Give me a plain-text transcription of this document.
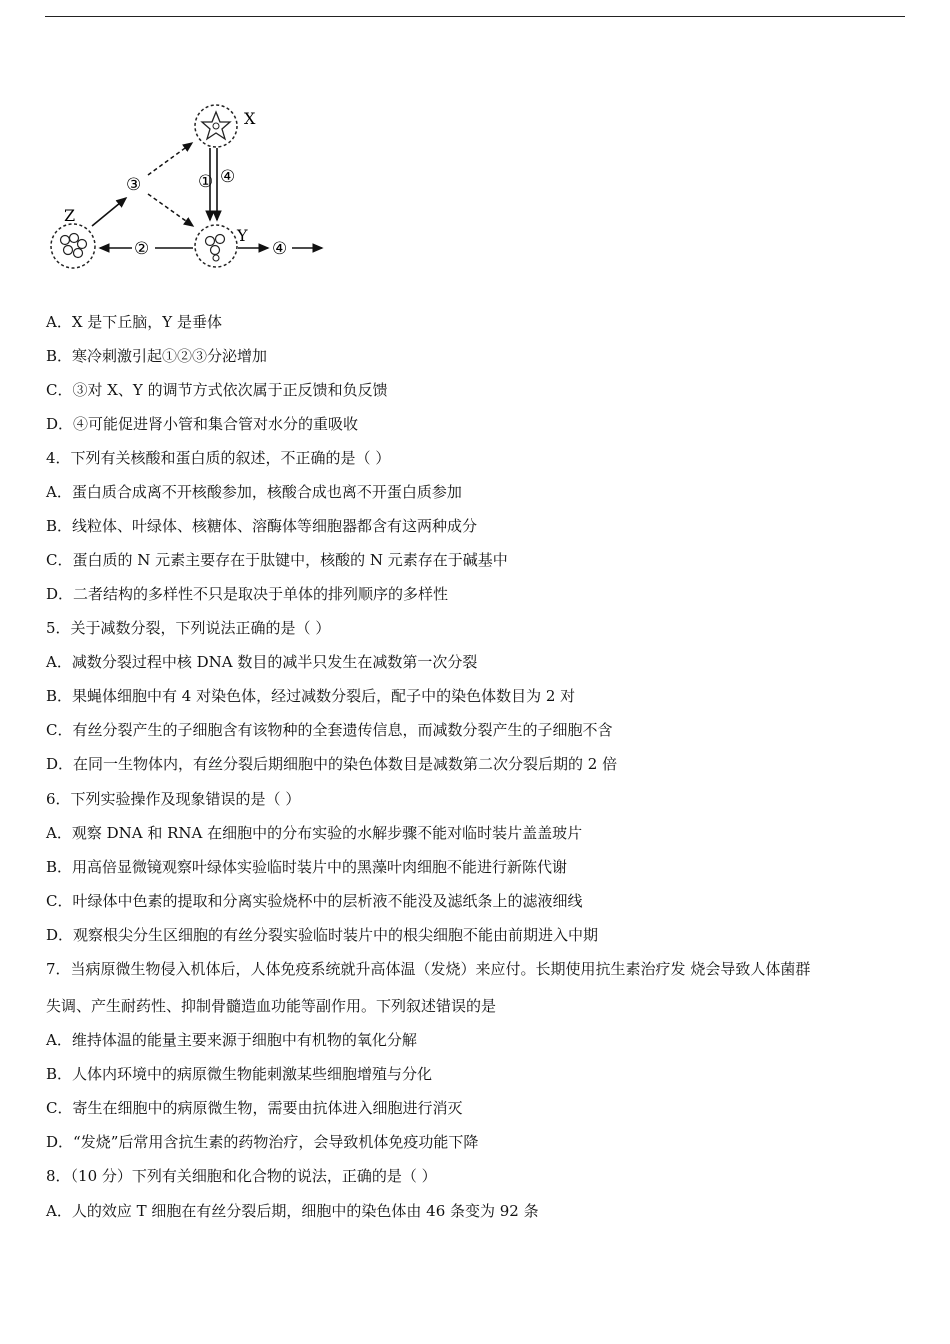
X
Z
Y
③	① ④
②	④
A．X 是下丘脑，Y 是垂体
B．寒冷刺激引起①②③分泌增加
C．③对 X、Y 的调节方式依次属于正反馈和负反馈
D．④可能促进肾小管和集合管对水分的重吸收
4．下列有关核酸和蛋白质的叙述，不正确的是（ ）
A．蛋白质合成离不开核酸参加，核酸合成也离不开蛋白质参加
B．线粒体、叶绿体、核糖体、溶酶体等细胞器都含有这两种成分
C．蛋白质的 N 元素主要存在于肽键中，核酸的 N 元素存在于碱基中
D．二者结构的多样性不只是取决于单体的排列顺序的多样性
5．关于减数分裂，下列说法正确的是（ ）
A．减数分裂过程中核 DNA 数目的减半只发生在减数第一次分裂
B．果蝇体细胞中有 4 对染色体，经过减数分裂后，配子中的染色体数目为 2 对
C．有丝分裂产生的子细胞含有该物种的全套遗传信息，而减数分裂产生的子细胞不含
D．在同一生物体内，有丝分裂后期细胞中的染色体数目是减数第二次分裂后期的 2 倍
6．下列实验操作及现象错误的是（ ）
A．观察 DNA 和 RNA 在细胞中的分布实验的水解步骤不能对临时装片盖盖玻片
B．用高倍显微镜观察叶绿体实验临时装片中的黑藻叶肉细胞不能进行新陈代谢
C．叶绿体中色素的提取和分离实验烧杯中的层析液不能没及滤纸条上的滤液细线
D．观察根尖分生区细胞的有丝分裂实验临时装片中的根尖细胞不能由前期进入中期
7．当病原微生物侵入机体后，人体免疫系统就升高体温（发烧）来应付。长期使用抗生素治疗发 烧会导致人体菌群
失调、产生耐药性、抑制骨髓造血功能等副作用。下列叙述错误的是
A．维持体温的能量主要来源于细胞中有机物的氧化分解
B．人体内环境中的病原微生物能刺激某些细胞增殖与分化
C．寄生在细胞中的病原微生物，需要由抗体进入细胞进行消灭
D．“发烧”后常用含抗生素的药物治疗，会导致机体免疫功能下降
8．（10 分）下列有关细胞和化合物的说法，正确的是（ ）
A．人的效应 T 细胞在有丝分裂后期，细胞中的染色体由 46 条变为 92 条
